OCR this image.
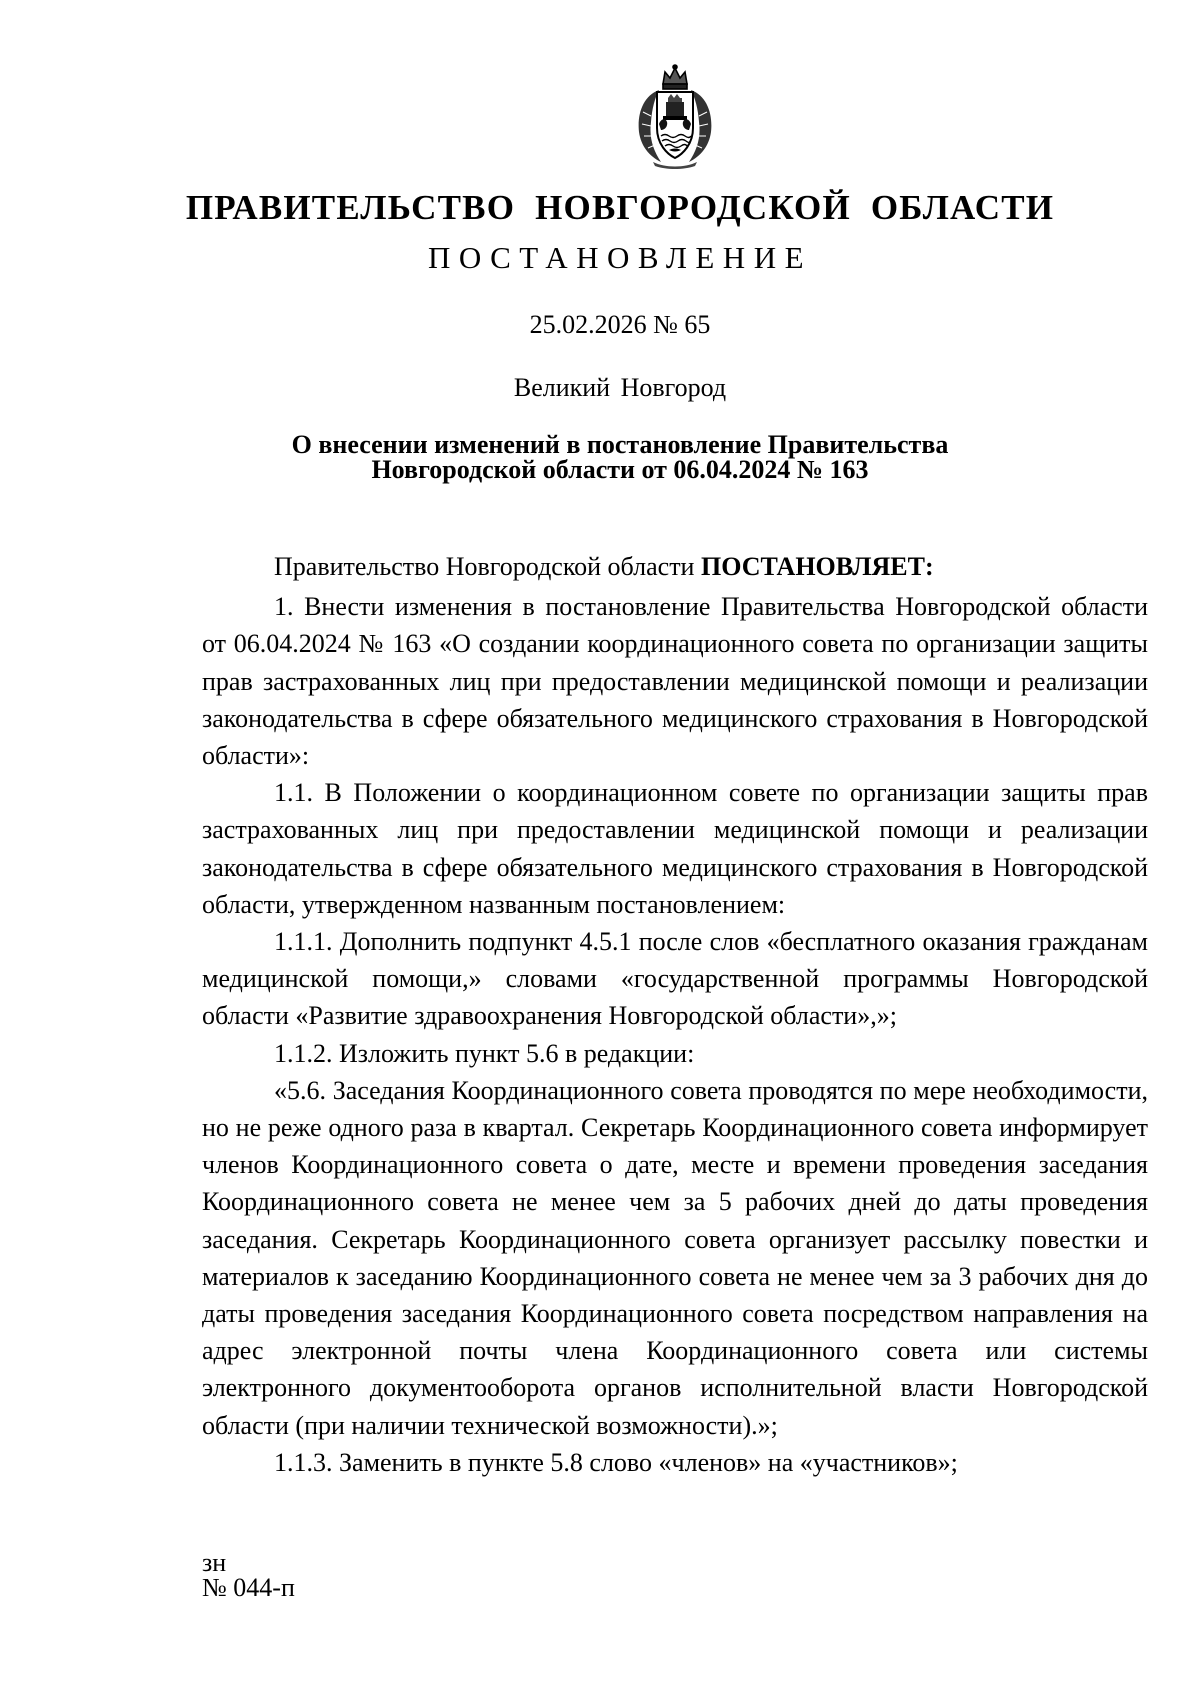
ПРАВИТЕЛЬСТВО НОВГОРОДСКОЙ ОБЛАСТИ
ПОСТАНОВЛЕНИЕ
25.02.2026 № 65
Великий Новгород
О внесении изменений в постановление Правительства
Новгородской области от 06.04.2024 № 163

Правительство Новгородской области ПОСТАНОВЛЯЕТ:

1. Внести изменения в постановление Правительства Новгородской области от 06.04.2024 № 163 «О создании координационного совета по организации защиты прав застрахованных лиц при предоставлении медицинской помощи и реализации законодательства в сфере обязательного медицинского страхования в Новгородской области»:

1.1. В Положении о координационном совете по организации защиты прав застрахованных лиц при предоставлении медицинской помощи и реализации законодательства в сфере обязательного медицинского страхования в Новгородской области, утвержденном названным постановлением:

1.1.1. Дополнить подпункт 4.5.1 после слов «бесплатного оказания гражданам медицинской помощи,» словами «государственной программы Новгородской области «Развитие здравоохранения Новгородской области»,»;

1.1.2. Изложить пункт 5.6 в редакции:

«5.6. Заседания Координационного совета проводятся по мере необходимости, но не реже одного раза в квартал. Секретарь Координационного совета информирует членов Координационного совета о дате, месте и времени проведения заседания Координационного совета не менее чем за 5 рабочих дней до даты проведения заседания. Секретарь Координационного совета организует рассылку повестки и материалов к заседанию Координационного совета не менее чем за 3 рабочих дня до даты проведения заседания Координационного совета посредством направления на адрес электронной почты члена Координационного совета или системы электронного документооборота органов исполнительной власти Новгородской области (при наличии технической возможности).»;

1.1.3. Заменить в пункте 5.8 слово «членов» на «участников»;

зн
№ 044-п
